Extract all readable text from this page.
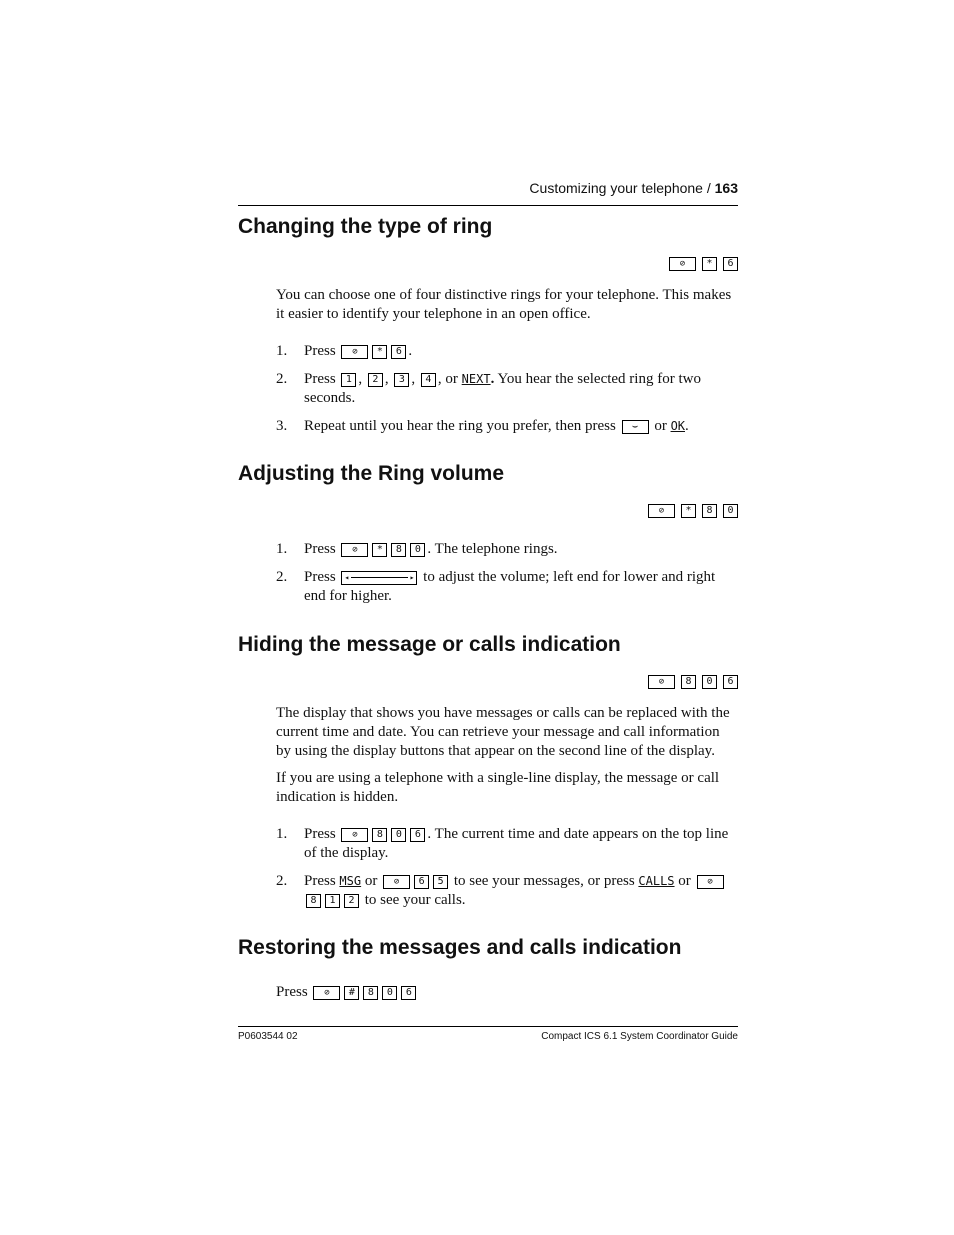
Customizing your telephone / 163
Changing the type of ring
⊘	*	6
You can choose one of four distinctive rings for your telephone. This makes it easier to identify your telephone in an open office.
1. Press ⊘ * 6 .
2. Press 1 , 2 , 3 , 4 , or NEXT. You hear the selected ring for two seconds.
3. Repeat until you hear the ring you prefer, then press ⌣ or OK.
Adjusting the Ring volume
⊘	*	8	0
1. Press ⊘ * 8 0 . The telephone rings.
2. Press ◂	▸ to adjust the volume; left end for lower and right end for higher.
Hiding the message or calls indication
⊘	8	0	6
The display that shows you have messages or calls can be replaced with the current time and date. You can retrieve your message and call information by using the display buttons that appear on the second line of the display.
If you are using a telephone with a single-line display, the message or call indication is hidden.
1. Press ⊘ 8 0 6 . The current time and date appears on the top line of the display.
2. Press MSG or ⊘ 6 5 to see your messages, or press CALLS or ⊘8 1 2 to see your calls.
Restoring the messages and calls indication
Press ⊘ # 8 0 6
P0603544 02	Compact ICS 6.1 System Coordinator Guide
